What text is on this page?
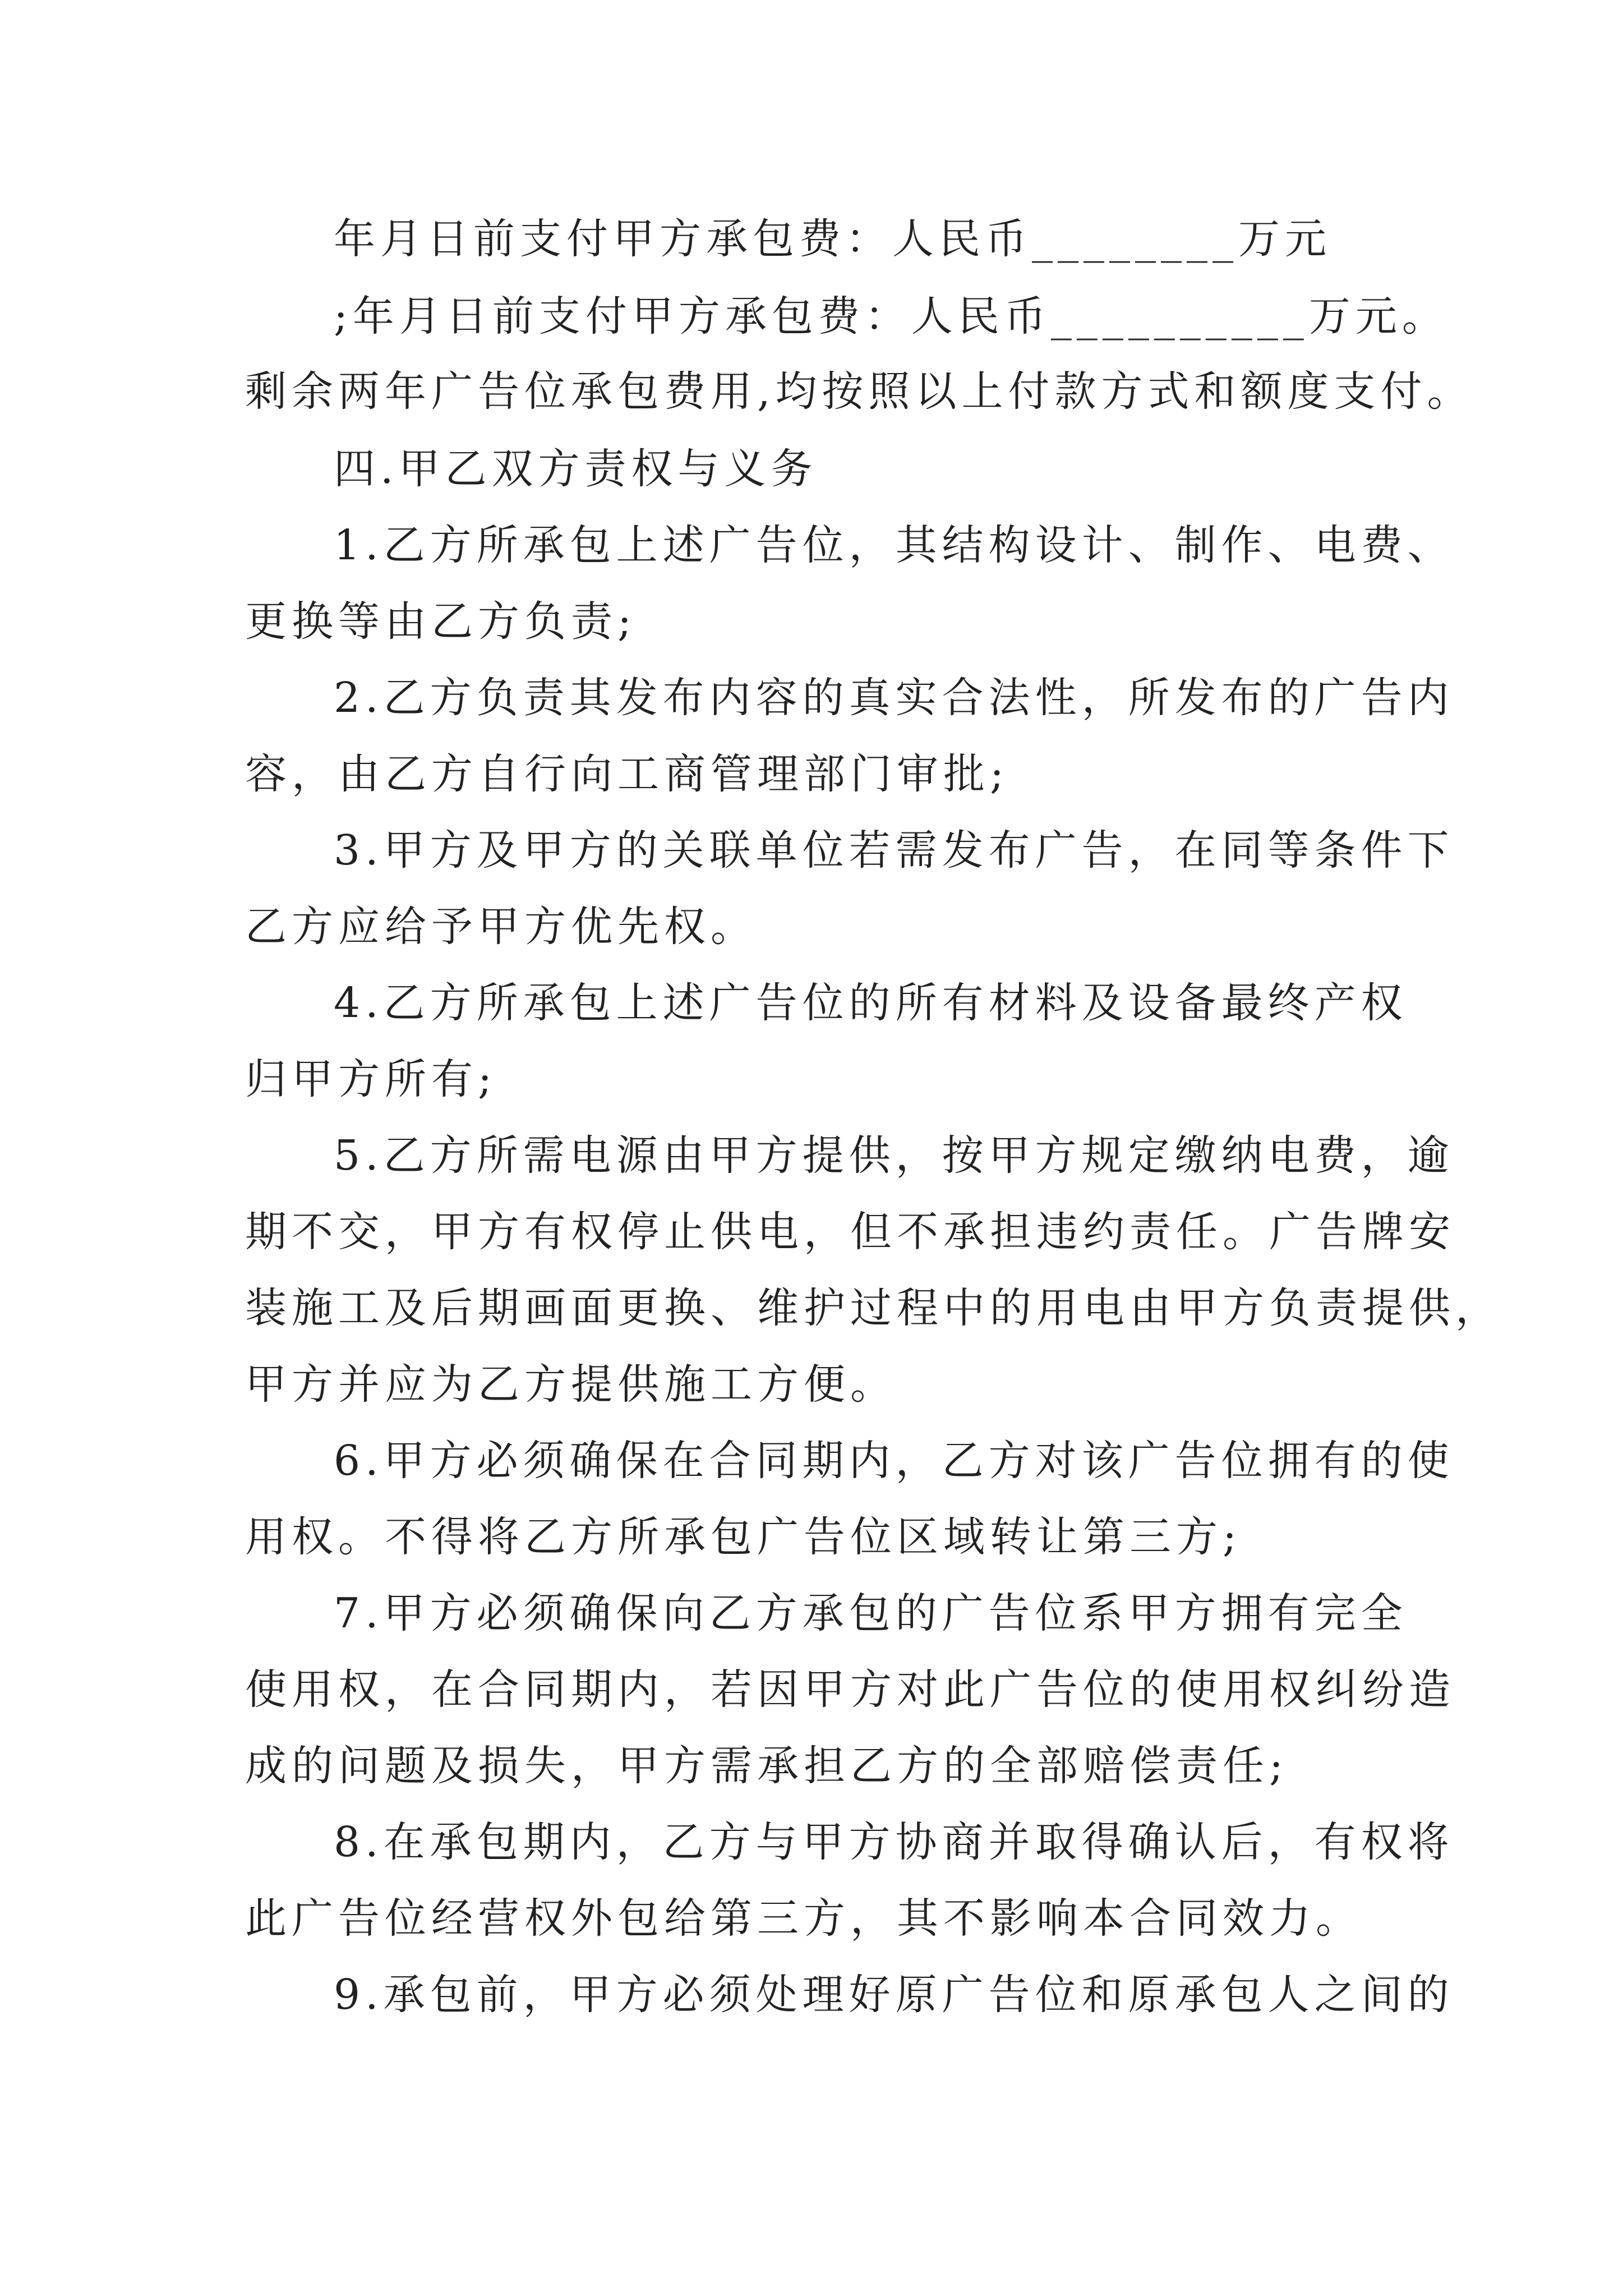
年月日前支付甲方承包费：人民币________万元

;年月日前支付甲方承包费：人民币__________万元。

剩余两年广告位承包费用,均按照以上付款方式和额度支付。

四.甲乙双方责权与义务

1.乙方所承包上述广告位，其结构设计、制作、电费、

更换等由乙方负责;

2.乙方负责其发布内容的真实合法性，所发布的广告内

容，由乙方自行向工商管理部门审批;

3.甲方及甲方的关联单位若需发布广告，在同等条件下

乙方应给予甲方优先权。

4.乙方所承包上述广告位的所有材料及设备最终产权

归甲方所有;

5.乙方所需电源由甲方提供，按甲方规定缴纳电费，逾

期不交，甲方有权停止供电，但不承担违约责任。广告牌安

装施工及后期画面更换、维护过程中的用电由甲方负责提供，

甲方并应为乙方提供施工方便。

6.甲方必须确保在合同期内，乙方对该广告位拥有的使

用权。不得将乙方所承包广告位区域转让第三方;

7.甲方必须确保向乙方承包的广告位系甲方拥有完全

使用权，在合同期内，若因甲方对此广告位的使用权纠纷造

成的问题及损失，甲方需承担乙方的全部赔偿责任;

8.在承包期内，乙方与甲方协商并取得确认后，有权将

此广告位经营权外包给第三方，其不影响本合同效力。

9.承包前，甲方必须处理好原广告位和原承包人之间的
